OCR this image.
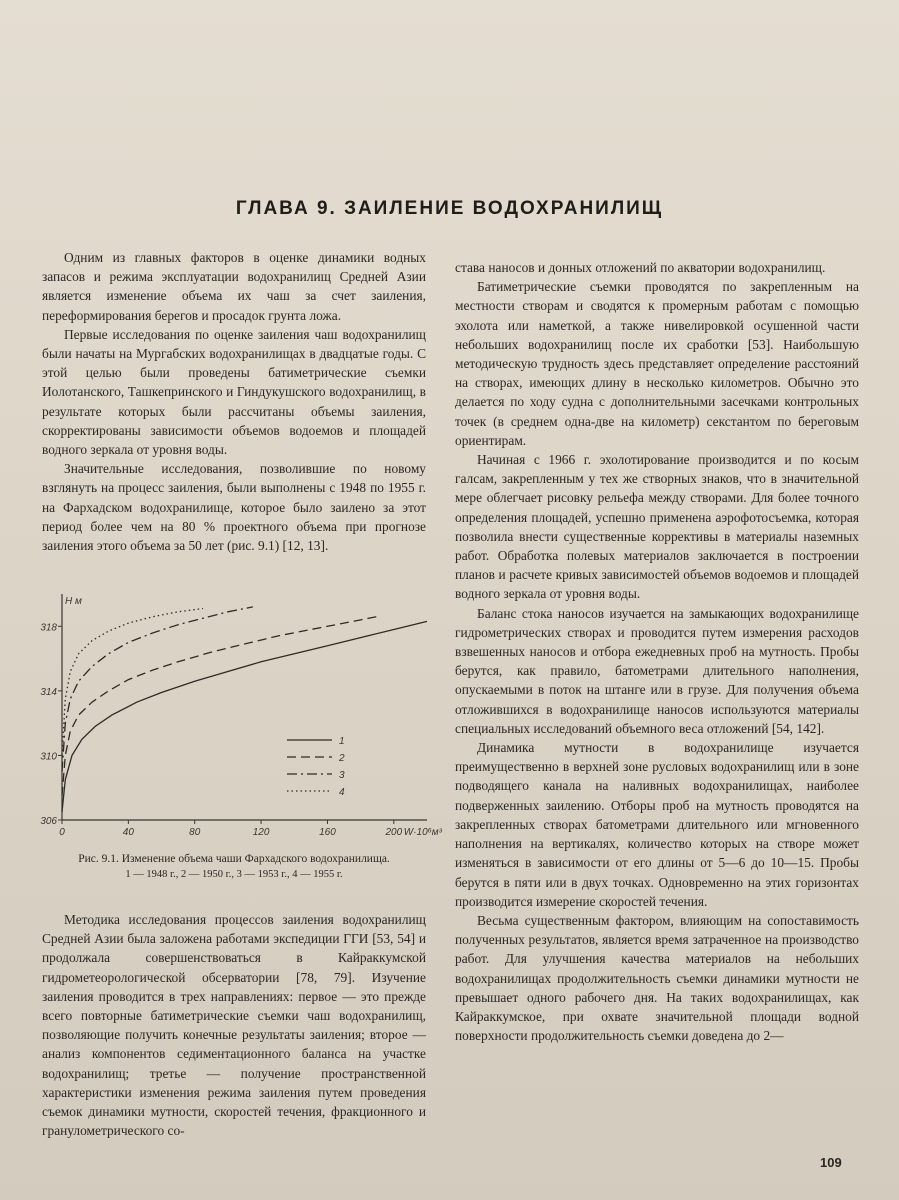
ГЛАВА 9. ЗАИЛЕНИЕ ВОДОХРАНИЛИЩ

Одним из главных факторов в оценке динамики водных запасов и режима эксплуатации водохранилищ Средней Азии является изменение объема их чаш за счет заиления, переформирования берегов и просадок грунта ложа.

Первые исследования по оценке заиления чаш водохранилищ были начаты на Мургабских водохранилищах в двадцатые годы. С этой целью были проведены батиметрические съемки Иолотанского, Ташкепринского и Гиндукушского водохранилищ, в результате которых были рассчитаны объемы заиления, скорректированы зависимости объемов водоемов и площадей водного зеркала от уровня воды.

Значительные исследования, позволившие по новому взглянуть на процесс заиления, были выполнены с 1948 по 1955 г. на Фархадском водохранилище, которое было заилено за этот период более чем на 80 % проектного объема при прогнозе заиления этого объема за 50 лет (рис. 9.1) [12, 13].

306
310
314
318
0	40	80	120	160	200
Н м
W·10⁶м³
1
2
3
4
Рис. 9.1. Изменение объема чаши Фархадского водохранилища.
1 — 1948 г., 2 — 1950 г., 3 — 1953 г., 4 — 1955 г.

Методика исследования процессов заиления водохранилищ Средней Азии была заложена работами экспедиции ГГИ [53, 54] и продолжала совершенствоваться в Кайраккумской гидрометеорологической обсерватории [78, 79]. Изучение заиления проводится в трех направлениях: первое — это прежде всего повторные батиметрические съемки чаш водохранилищ, позволяющие получить конечные результаты заиления; второе — анализ компонентов седиментационного баланса на участке водохранилищ; третье — получение пространственной характеристики изменения режима заиления путем проведения съемок динамики мутности, скоростей течения, фракционного и гранулометрического со-

става наносов и донных отложений по акватории водохранилищ.

Батиметрические съемки проводятся по закрепленным на местности створам и сводятся к промерным работам с помощью эхолота или наметкой, а также нивелировкой осушенной части небольших водохранилищ после их сработки [53]. Наибольшую методическую трудность здесь представляет определение расстояний на створах, имеющих длину в несколько километров. Обычно это делается по ходу судна с дополнительными засечками контрольных точек (в среднем одна-две на километр) секстантом по береговым ориентирам.

Начиная с 1966 г. эхолотирование производится и по косым галсам, закрепленным у тех же створных знаков, что в значительной мере облегчает рисовку рельефа между створами. Для более точного определения площадей, успешно применена аэрофотосъемка, которая позволила внести существенные коррективы в материалы наземных работ. Обработка полевых материалов заключается в построении планов и расчете кривых зависимостей объемов водоемов и площадей водного зеркала от уровня воды.

Баланс стока наносов изучается на замыкающих водохранилище гидрометрических створах и проводится путем измерения расходов взвешенных наносов и отбора ежедневных проб на мутность. Пробы берутся, как правило, батометрами длительного наполнения, опускаемыми в поток на штанге или в грузе. Для получения объема отложившихся в водохранилище наносов используются материалы специальных исследований объемного веса отложений [54, 142].

Динамика мутности в водохранилище изучается преимущественно в верхней зоне русловых водохранилищ или в зоне подводящего канала на наливных водохранилищах, наиболее подверженных заилению. Отборы проб на мутность проводятся на закрепленных створах батометрами длительного или мгновенного наполнения на вертикалях, количество которых на створе может изменяться в зависимости от его длины от 5—6 до 10—15. Пробы берутся в пяти или в двух точках. Одновременно на этих горизонтах производится измерение скоростей течения.

Весьма существенным фактором, влияющим на сопоставимость полученных результатов, является время затраченное на производство работ. Для улучшения качества материалов на небольших водохранилищах продолжительность съемки динамики мутности не превышает одного рабочего дня. На таких водохранилищах, как Кайраккумское, при охвате значительной площади водной поверхности продолжительность съемки доведена до 2—

109
